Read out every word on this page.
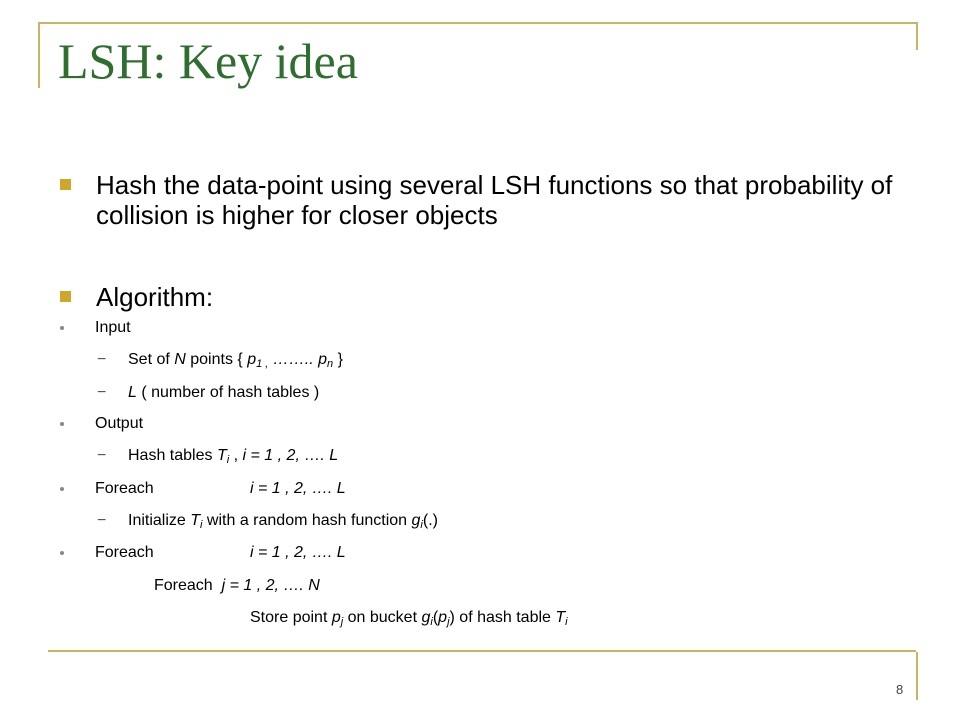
LSH: Key idea
Hash the data-point using several LSH functions so that probability of collision is higher for closer objects
Algorithm:
Input
− Set of N points { $p_{1 ,}$ …….. $p_n$ }
− L ( number of hash tables )
Output
− Hash tables $T_i$ , i = 1 , 2, …. L
Foreach	i = 1 , 2, …. L
− Initialize $T_i$ with a random hash function $g_i(.)$
Foreach	i = 1 , 2, …. L
Foreach j = 1 , 2, …. N
Store point $p_j$ on bucket $g_i(p_j)$ of hash table $T_i$
8
